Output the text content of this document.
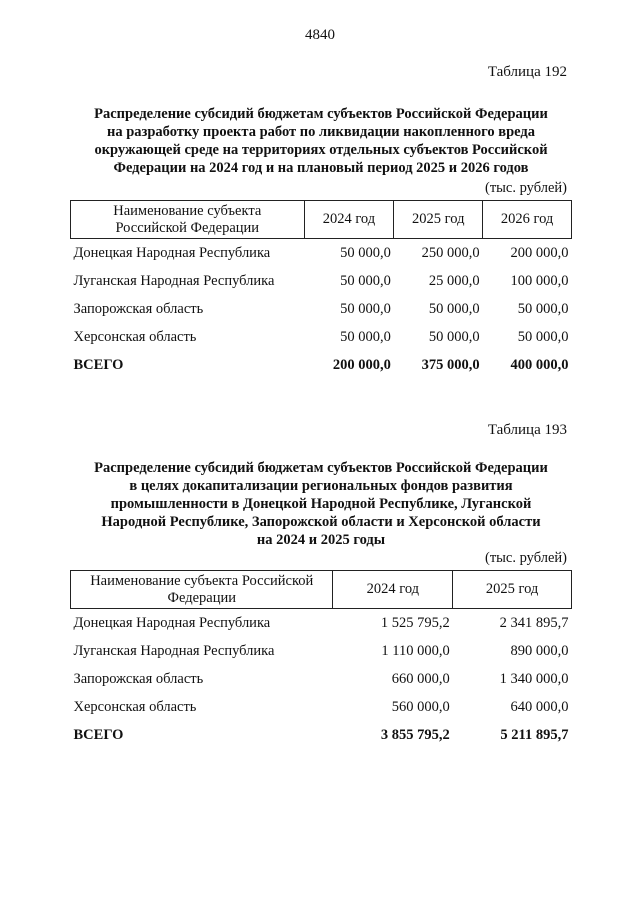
4840
Таблица 192
Распределение субсидий бюджетам субъектов Российской Федерации
на разработку проекта работ по ликвидации накопленного вреда
окружающей среде на территориях отдельных субъектов Российской
Федерации на 2024 год и на плановый период 2025 и 2026 годов
(тыс. рублей)
Наименование субъекта
Российской Федерации	2024 год	2025 год	2026 год
Донецкая Народная Республика	50 000,0	250 000,0	200 000,0
Луганская Народная Республика	50 000,0	25 000,0	100 000,0
Запорожская область	50 000,0	50 000,0	50 000,0
Херсонская область	50 000,0	50 000,0	50 000,0
ВСЕГО	200 000,0	375 000,0	400 000,0
Таблица 193
Распределение субсидий бюджетам субъектов Российской Федерации
в целях докапитализации региональных фондов развития
промышленности в Донецкой Народной Республике, Луганской
Народной Республике, Запорожской области и Херсонской области
на 2024 и 2025 годы
(тыс. рублей)
Наименование субъекта Российской
Федерации	2024 год	2025 год
Донецкая Народная Республика	1 525 795,2	2 341 895,7
Луганская Народная Республика	1 110 000,0	890 000,0
Запорожская область	660 000,0	1 340 000,0
Херсонская область	560 000,0	640 000,0
ВСЕГО	3 855 795,2	5 211 895,7
